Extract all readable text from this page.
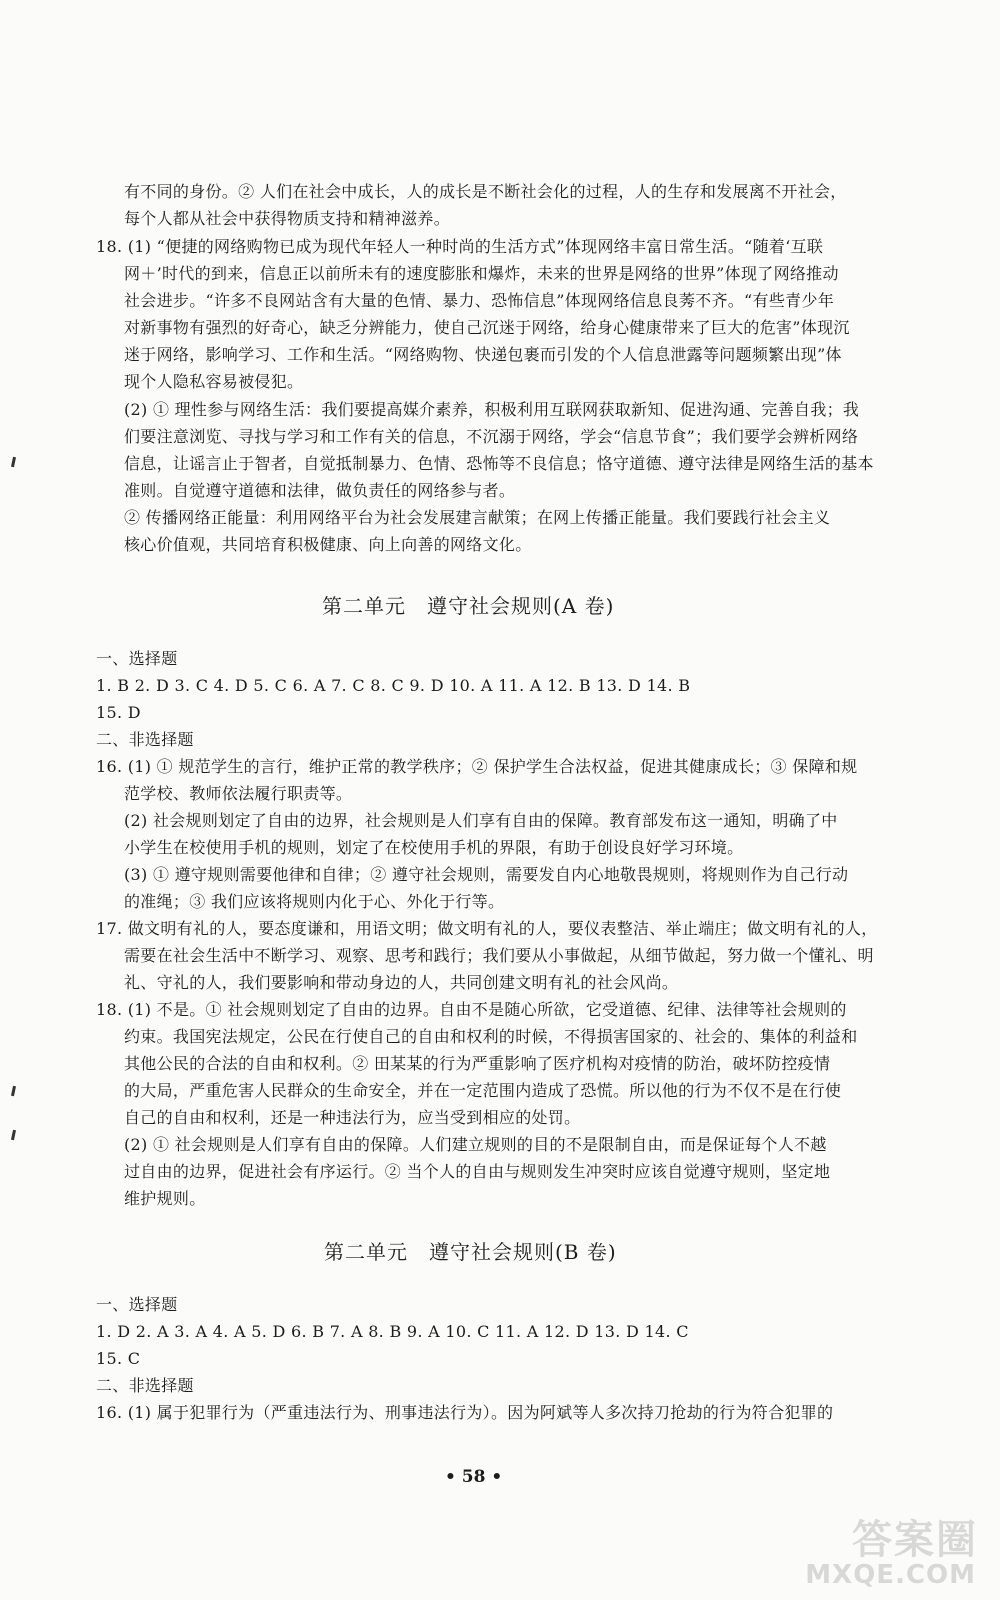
有不同的身份。② 人们在社会中成长，人的成长是不断社会化的过程，人的生存和发展离不开社会，
每个人都从社会中获得物质支持和精神滋养。
18. (1) “便捷的网络购物已成为现代年轻人一种时尚的生活方式”体现网络丰富日常生活。“随着‘互联
网＋’时代的到来，信息正以前所未有的速度膨胀和爆炸，未来的世界是网络的世界”体现了网络推动
社会进步。“许多不良网站含有大量的色情、暴力、恐怖信息”体现网络信息良莠不齐。“有些青少年
对新事物有强烈的好奇心，缺乏分辨能力，使自己沉迷于网络，给身心健康带来了巨大的危害”体现沉
迷于网络，影响学习、工作和生活。“网络购物、快递包裹而引发的个人信息泄露等问题频繁出现”体
现个人隐私容易被侵犯。
(2) ① 理性参与网络生活：我们要提高媒介素养，积极利用互联网获取新知、促进沟通、完善自我；我
们要注意浏览、寻找与学习和工作有关的信息，不沉溺于网络，学会“信息节食”；我们要学会辨析网络
信息，让谣言止于智者，自觉抵制暴力、色情、恐怖等不良信息；恪守道德、遵守法律是网络生活的基本
准则。自觉遵守道德和法律，做负责任的网络参与者。
② 传播网络正能量：利用网络平台为社会发展建言献策；在网上传播正能量。我们要践行社会主义
核心价值观，共同培育积极健康、向上向善的网络文化。
第二单元　遵守社会规则(A 卷)
一、选择题
1. B 2. D 3. C 4. D 5. C 6. A 7. C 8. C 9. D 10. A 11. A 12. B 13. D 14. B
15. D
二、非选择题
16. (1) ① 规范学生的言行，维护正常的教学秩序；② 保护学生合法权益，促进其健康成长；③ 保障和规
范学校、教师依法履行职责等。
(2) 社会规则划定了自由的边界，社会规则是人们享有自由的保障。教育部发布这一通知，明确了中
小学生在校使用手机的规则，划定了在校使用手机的界限，有助于创设良好学习环境。
(3) ① 遵守规则需要他律和自律；② 遵守社会规则，需要发自内心地敬畏规则，将规则作为自己行动
的准绳；③ 我们应该将规则内化于心、外化于行等。
17. 做文明有礼的人，要态度谦和，用语文明；做文明有礼的人，要仪表整洁、举止端庄；做文明有礼的人，
需要在社会生活中不断学习、观察、思考和践行；我们要从小事做起，从细节做起，努力做一个懂礼、明
礼、守礼的人，我们要影响和带动身边的人，共同创建文明有礼的社会风尚。
18. (1) 不是。① 社会规则划定了自由的边界。自由不是随心所欲，它受道德、纪律、法律等社会规则的
约束。我国宪法规定，公民在行使自己的自由和权利的时候，不得损害国家的、社会的、集体的利益和
其他公民的合法的自由和权利。② 田某某的行为严重影响了医疗机构对疫情的防治，破坏防控疫情
的大局，严重危害人民群众的生命安全，并在一定范围内造成了恐慌。所以他的行为不仅不是在行使
自己的自由和权利，还是一种违法行为，应当受到相应的处罚。
(2) ① 社会规则是人们享有自由的保障。人们建立规则的目的不是限制自由，而是保证每个人不越
过自由的边界，促进社会有序运行。② 当个人的自由与规则发生冲突时应该自觉遵守规则，坚定地
维护规则。
第二单元　遵守社会规则(B 卷)
一、选择题
1. D 2. A 3. A 4. A 5. D 6. B 7. A 8. B 9. A 10. C 11. A 12. D 13. D 14. C
15. C
二、非选择题
16. (1) 属于犯罪行为（严重违法行为、刑事违法行为）。因为阿斌等人多次持刀抢劫的行为符合犯罪的
• 58 •
答案圈
MXQE.COM
